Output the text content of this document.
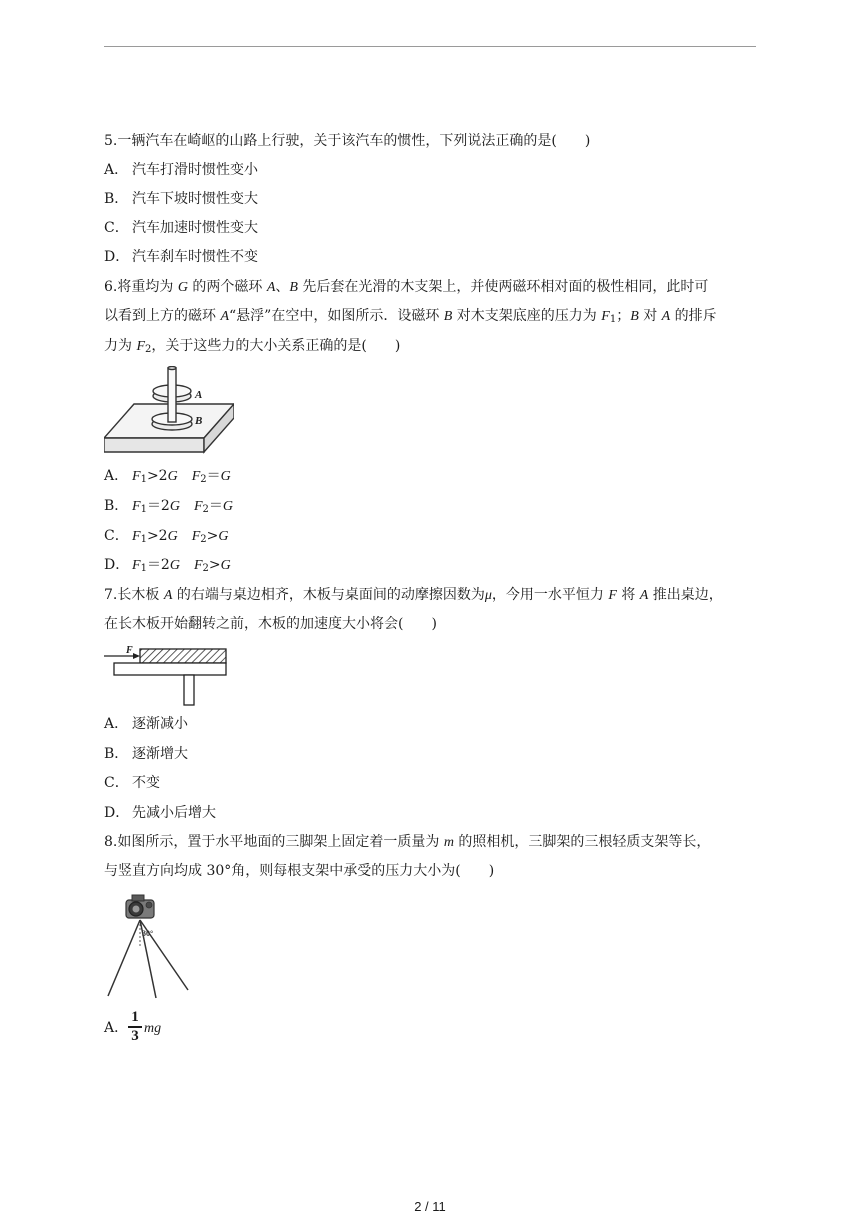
5.一辆汽车在崎岖的山路上行驶，关于该汽车的惯性，下列说法正确的是(　　)
A． 汽车打滑时惯性变小
B． 汽车下坡时惯性变大
C． 汽车加速时惯性变大
D． 汽车刹车时惯性不变
6.将重均为 G 的两个磁环 A、B 先后套在光滑的木支架上，并使两磁环相对面的极性相同，此时可
以看到上方的磁环 A“悬浮”在空中，如图所示．设磁环 B 对木支架底座的压力为 $F_1$；B 对 A 的排斥
力为 $F_2$，关于这些力的大小关系正确的是(　　)
A
B
A． $F_1>2G$  $F_2=G$
B． $F_1=2G$  $F_2=G$
C． $F_1>2G$  $F_2>G$
D． $F_1=2G$  $F_2>G$
7.长木板 A 的右端与桌边相齐，木板与桌面间的动摩擦因数为μ，今用一水平恒力 F 将 A 推出桌边，
在长木板开始翻转之前，木板的加速度大小将会(　　)
F
A． 逐渐减小
B． 逐渐增大
C． 不变
D． 先减小后增大
8.如图所示，置于水平地面的三脚架上固定着一质量为 m 的照相机，三脚架的三根轻质支架等长，
与竖直方向均成 30°角，则每根支架中承受的压力大小为(　　)
30°
A．
1
3 mg
2 / 11
